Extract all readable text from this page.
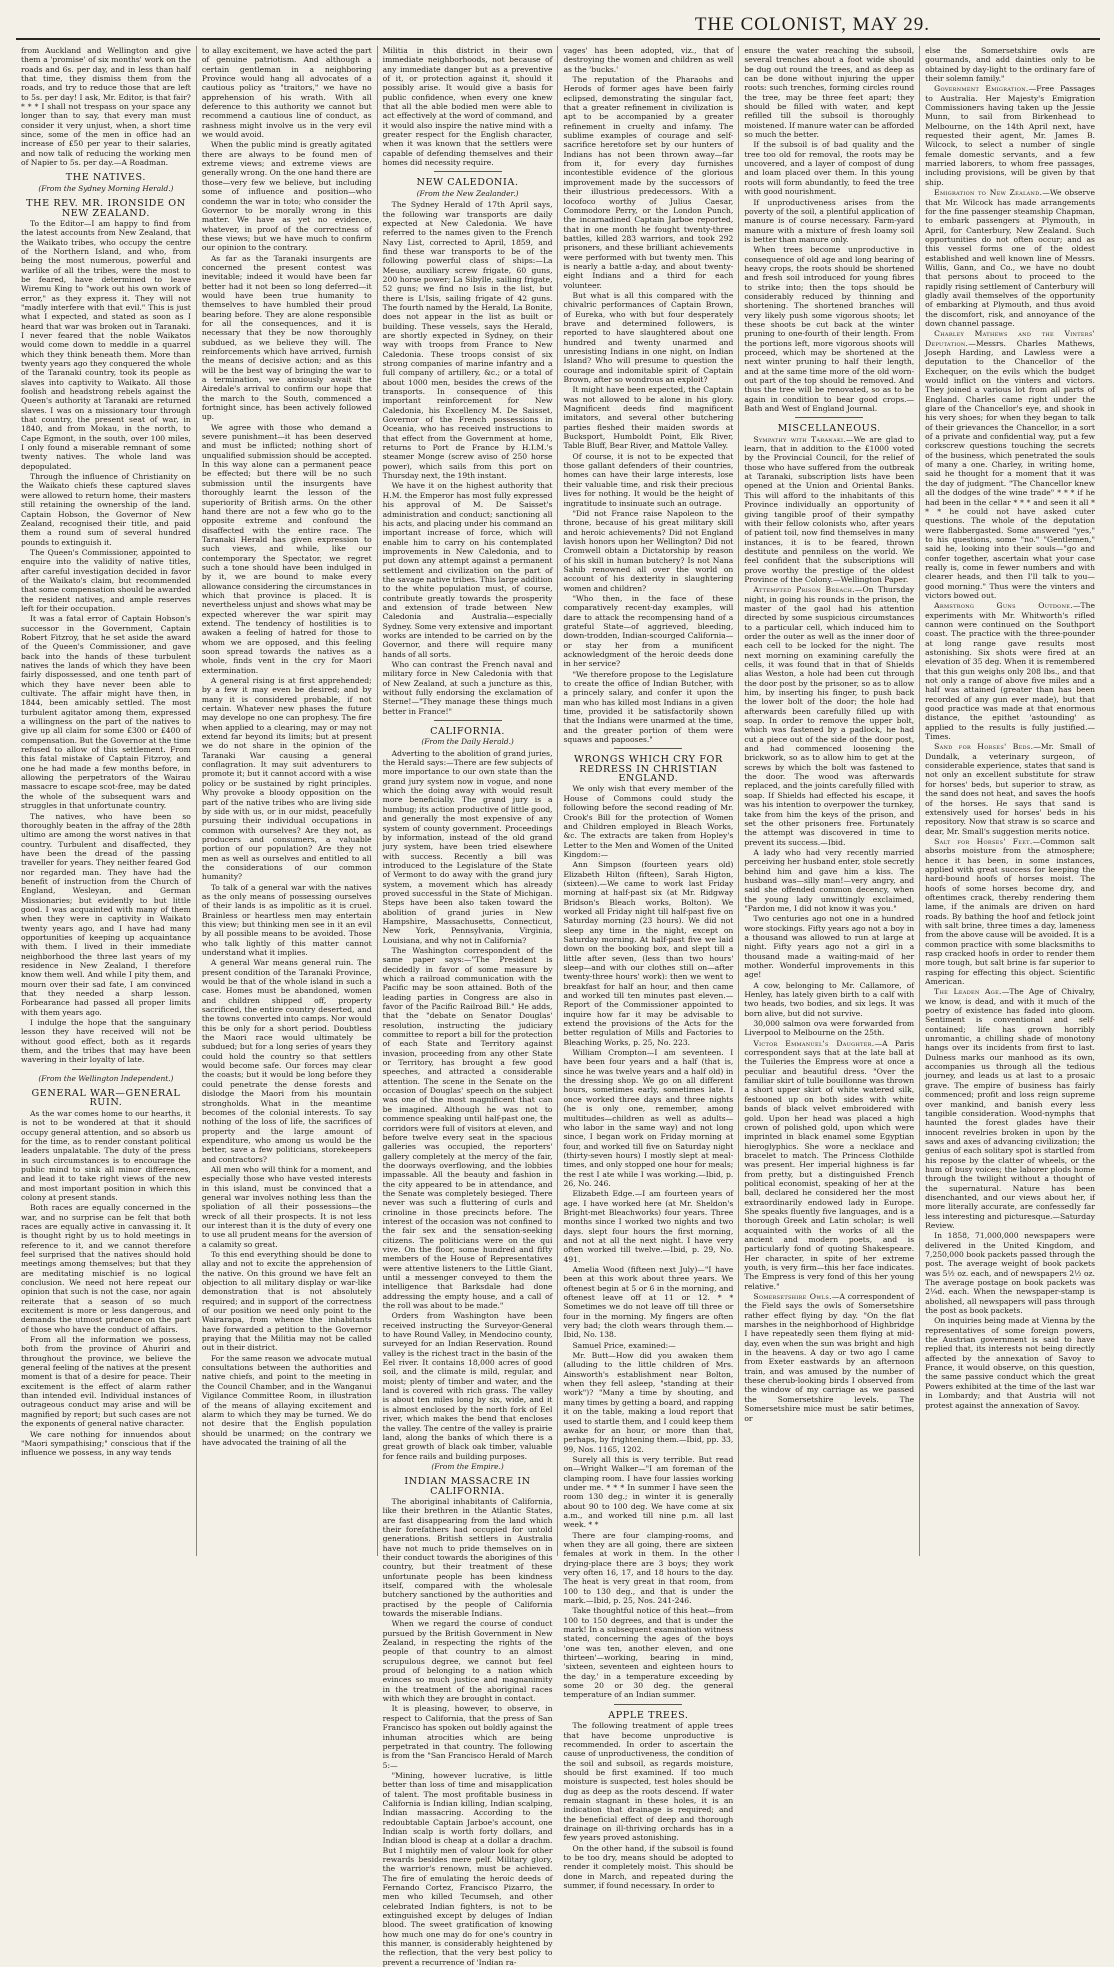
THE COLONIST, MAY 29.

from Auckland and Wellington and give them a 'promise' of six months' work on the roads and 6s. per day, and in less than half that time, they dismiss them from the roads, and try to reduce those that are left to 5s. per day! I ask, Mr. Editor, is that fair? * * * I shall not trespass on your space any longer than to say, that every man must consider it very unjust, when, a short time since, some of the men in office had an increase of £50 per year to their salaries, and now talk of reducing the working men of Napier to 5s. per day.—A Roadman.

THE NATIVES.
(From the Sydney Morning Herald.)
THE REV. MR. IRONSIDE ON NEW ZEALAND.

To the Editor—I am happy to find from the latest accounts from New Zealand, that the Waikato tribes, who occupy the centre of the Northern Island, and who, from being the most numerous, powerful and warlike of all the tribes, were the most to be feared, have determined to leave Wiremu King to "work out his own work of error," as they express it. They will not "madly interfere with that evil." This is just what I expected, and stated as soon as I heard that war was broken out in Taranaki. I never feared that the noble Waikatos would come down to meddle in a quarrel which they think beneath them. More than twenty years ago they conquered the whole of the Taranaki country, took its people as slaves into captivity to Waikato. All those foolish and headstrong rebels against the Queen's authority at Taranaki are returned slaves. I was on a missionary tour through that country, the present seat of war, in 1840, and from Mokau, in the north, to Cape Egmont, in the south, over 100 miles, I only found a miserable remnant of some twenty natives. The whole land was depopulated.

Through the influence of Christianity on the Waikato chiefs these captured slaves were allowed to return home, their masters still retaining the ownership of the land. Captain Hobson, the Governor of New Zealand, recognised their title, and paid them a round sum of several hundred pounds to extinguish it.

The Queen's Commissioner, appointed to enquire into the validity of native titles, after careful investigation decided in favor of the Waikato's claim, but recommended that some compensation should be awarded the resident natives, and ample reserves left for their occupation.

It was a fatal error of Captain Hobson's successor in the Government, Captain Robert Fitzroy, that he set aside the award of the Queen's Commissioner, and gave back into the hands of these turbulent natives the lands of which they have been fairly dispossessed, and one tenth part of which they have never been able to cultivate. The affair might have then, in 1844, been amicably settled. The most turbulent agitator among them, expressed a willingness on the part of the natives to give up all claim for some £300 or £400 of compensation. But the Governor at the time refused to allow of this settlement. From this fatal mistake of Captain Fitzroy, and one he had made a few months before, in allowing the perpetrators of the Wairau massacre to escape scot-free, may be dated the whole of the subsequent wars and struggles in that unfortunate country.

The natives, who have been so thoroughly beaten in the affray of the 28th ultimo are among the worst natives in that country. Turbulent and disaffected, they have been the dread of the passing traveller for years. They neither feared God nor regarded man. They have had the benefit of instruction from the Church of England, Wesleyan, and German Missionaries; but evidently to but little good. I was acquainted with many of them when they were in captivity in Waikato twenty years ago, and I have had many opportunities of keeping up acquaintance with them. I lived in their immediate neighborhood the three last years of my residence in New Zealand, I therefore know them well. And while I pity them, and mourn over their sad fate, I am convinced that they needed a sharp lesson. Forbearance had passed all proper limits with them years ago.

I indulge the hope that the sanguinary lesson they have received will not be without good effect, both as it regards them, and the tribes that may have been wavering in their loyalty of late.

(From the Wellington Independent.)
GENERAL WAR—GENERAL RUIN.

As the war comes home to our hearths, it is not to be wondered at that it should occupy general attention, and so absorb us for the time, as to render constant political leaders unpalatable. The duty of the press in such circumstances is to encourage the public mind to sink all minor differences, and lead it to take right views of the new and most important position in which this colony at present stands.

Both races are equally concerned in the war, and no surprise can be felt that both races are equally active in canvassing it. It is thought right by us to hold meetings in reference to it, and we cannot therefore feel surprised that the natives should hold meetings among themselves; but that they are meditating mischief is no logical conclusion. We need not here repeat our opinion that such is not the case, nor again reiterate that a season of so much excitement is more or less dangerous, and demands the utmost prudence on the part of those who have the conduct of affairs.

From all the information we possess, both from the province of Ahuriri and throughout the province, we believe the general feeling of the natives at the present moment is that of a desire for peace. Their excitement is the effect of alarm rather than intended evil. Individual instances of outrageous conduct may arise and will be magnified by report; but such cases are not the exponents of general native character.

We care nothing for innuendos about "Maori sympathising;" conscious that if the influence we possess, in any way tends

to allay excitement, we have acted the part of genuine patriotism. And although a certain gentleman in a neighboring Province would hang all advocates of a cautious policy as "traitors," we have no apprehension of his wrath. With all deference to this authority we cannot but recommend a cautious line of conduct, as rashness might involve us in the very evil we would avoid.

When the public mind is greatly agitated there are always to be found men of extreme views; and extreme views are generally wrong. On the one hand there are those—very few we believe, but including some of influence and position—who condemn the war in toto; who consider the Governor to be morally wrong in this matter. We have as yet no evidence, whatever, in proof of the correctness of these views; but we have much to confirm our opinion to the contrary.

As far as the Taranaki insurgents are concerned the present contest was inevitable; indeed it would have been far better had it not been so long deferred—it would have been true humanity to themselves to have humbled their proud bearing before. They are alone responsible for all the consequences, and it is necessary that they be now thoroughly subdued, as we believe they will. The reinforcements which have arrived, furnish the means of decisive action; and as this will be the best way of bringing the war to a termination, we anxiously await the Airedale's arrival to confirm our hope that the march to the South, commenced a fortnight since, has been actively followed up.

We agree with those who demand a severe punishment—it has been deserved and must be inflicted; nothing short of unqualified submission should be accepted. In this way alone can a permanent peace be effected; but there will be no such submission until the insurgents have thoroughly learnt the lesson of the superiority of British arms. On the other hand there are not a few who go to the opposite extreme and confound the disaffected with the entire race. The Taranaki Herald has given expression to such views, and while, like our contemporary the Spectator, we regret such a tone should have been indulged in by it, we are bound to make every allowance considering the circumstances in which that province is placed. It is nevertheless unjust and shows what may be expected wherever the war spirit may extend. The tendency of hostilities is to awaken a feeling of hatred for those to whom we are opposed, and this feeling soon spread towards the natives as a whole, finds vent in the cry for Maori extermination.

A general rising is at first apprehended; by a few it may even be desired; and by many it is considered probable, if not certain. Whatever new phases the future may develope no one can prophesy. The fire when applied to a clearing, may or may not extend far beyond its limits; but at present we do not share in the opinion of the Taranaki War causing a general conflagration. It may suit adventurers to promote it; but it cannot accord with a wise policy or be sustained by right principles. Why provoke a bloody opposition on the part of the native tribes who are living side by side with us, or in our midst, peacefully pursuing their individual occupations in common with ourselves? Are they not, as producers and consumers, a valuable portion of our population? Are they not men as well as ourselves and entitled to all the considerations of our common humanity?

To talk of a general war with the natives as the only means of possessing ourselves of their lands is as impolitic as it is cruel. Brainless or heartless men may entertain this view; but thinking men see in it an evil by all possible means to be avoided. Those who talk lightly of this matter cannot understand what it implies.

A general War means general ruin. The present condition of the Taranaki Province, would be that of the whole island in such a case. Homes must be abandoned, women and children shipped off, property sacrificed, the entire country deserted, and the towns converted into camps. Nor would this be only for a short period. Doubtless the Maori race would ultimately be subdued; but for a long series of years they could hold the country so that settlers would become safe. Our forces may clear the coasts; but it would be long before they could penetrate the dense forests and dislodge the Maori from his mountain strongholds. What in the meantime becomes of the colonial interests. To say nothing of the loss of life, the sacrifices of property and the large amount of expenditure, who among us would be the better, save a few politicians, storekeepers and contractors?

All men who will think for a moment, and especially those who have vested interests in this island, must be convinced that a general war involves nothing less than the spoliation of all their possessions—the wreck of all their prospects. It is not less our interest than it is the duty of every one to use all prudent means for the aversion of a calamity so great.

To this end everything should be done to allay and not to excite the apprehension of the native. On this ground we have felt an objection to all military display or war-like demonstration that is not absolutely required; and in support of the correctness of our position we need only point to the Wairarapa, from whence the inhabitants have forwarded a petition to the Governor praying that the Militia may not be called out in their district.

For the same reason we advocate mutual consultations between the authorities and native chiefs, and point to the meeting in the Council Chamber, and in the Wanganui Vigilance Committee Room, in illustration of the means of allaying excitement and alarm to which they may be turned. We do not desire that the English population should be unarmed; on the contrary we have advocated the training of all the

Militia in this district in their own immediate neighborhoods, not because of any immediate danger but as a preventive of it, or protection against it, should it possibly arise. It would give a basis for public confidence, when every one knew that all the able bodied men were able to act effectively at the word of command, and it would also inspire the native mind with a greater respect for the English character, when it was known that the settlers were capable of defending themselves and their homes did necessity require.

NEW CALEDONIA.
(From the New Zealander.)

The Sydney Herald of 17th April says, the following war transports are daily expected at New Caledonia. We have referred to the names given to the French Navy List, corrected to April, 1859, and find these war transports to be of the following powerful class of ships:—La Meuse, auxiliary screw frigate, 60 guns, 200 horse power; La Sibylle, sailing frigate, 52 guns; we find no Isis in the list, but there is L'Isis, sailing frigate of 42 guns. The fourth named by the Herald, La Bonite, does not appear in the list as built or building. These vessels, says the Herald, are shortly expected in Sydney, on their way with troops from France to New Caledonia. These troops consist of six strong companies of marine infantry and a full company of artillery, &c.; or a total of about 1000 men, besides the crews of the transports. In consequence of this important reinforcement for New Caledonia, his Excellency M. De Saisset, Governor of the French possessions in Oceania, who has received instructions to that effect from the Government at home, returns to Port de France by H.I.M.'s steamer Monge (screw aviso of 250 horse power), which sails from this port on Thursday next, the 19th instant.

We have it on the highest authority that H.M. the Emperor has most fully expressed his approval of M. De Saisset's administration and conduct; sanctioning all his acts, and placing under his command an important increase of force, which will enable him to carry on his contemplated improvements in New Caledonia, and to put down any attempt against a permanent settlement and civilization on the part of the savage native tribes. This large addition to the white population must, of course, contribute greatly towards the prosperity and extension of trade between New Caledonia and Australia—especially Sydney. Some very extensive and important works are intended to be carried on by the Governor, and there will require many hands of all sorts.

Who can contrast the French naval and military force in New Caledonia with that of New Zealand, at such a juncture as this, without fully endorsing the exclamation of Sterne!—"They manage these things much better in France!"

CALIFORNIA.
(From the Daily Herald.)

Adverting to the abolition of grand juries, the Herald says:—There are few subjects of more importance to our own state than the grand jury system now in vogue, and none which the doing away with would result more beneficially. The grand jury is a humbug; its action productive of little good, and generally the most expensive of any system of county government. Proceedings by information, instead of the old grand jury system, have been tried elsewhere with success. Recently a bill was introduced to the Legislature of the State of Vermont to do away with the grand jury system, a movement which has already proved successful in the State of Michigan. Steps have been also taken toward the abolition of grand juries in New Hampshire, Massachusetts, Connecticut, New York, Pennsylvania, Virginia, Louisiana, and why not in California?

The Washington correspondent of the same paper says:—"The President is decidedly in favor of some measure by which a railroad communication with the Pacific may be soon attained. Both of the leading parties in Congress are also in favor of the Pacific Railroad Bill." He adds, that the "debate on Senator Douglas' resolution, instructing the judiciary committee to report a bill for the protection of each State and Territory against invasion, proceeding from any other State or Territory, has brought a few good speeches, and attracted a considerable attention. The scene in the Senate on the occasion of Douglas' speech on the subject was one of the most magnificent that can be imagined. Although he was not to commence speaking until half-past one, the corridors were full of visitors at eleven, and before twelve every seat in the spacious galleries was occupied, the reporters' gallery completely at the mercy of the fair, the doorways overflowing, and the lobbies impassable. All the beauty and fashion in the city appeared to be in attendance, and the Senate was completely besieged. There never was such a fluttering of curls and crinoline in those precincts before. The interest of the occasion was not confined to the fair sex and the sensation-seeking citizens. The politicians were on the qui vive. On the floor, some hundred and fifty members of the House of Representatives were attentive listeners to the Little Giant, until a messenger conveyed to them the intelligence that Barksdale had done addressing the empty house, and a call of the roll was about to be made."

Orders from Washington have been received instructing the Surveyor-General to have Round Valley, in Mendocino county, surveyed for an Indian Reservation. Round valley is the richest tract in the basin of the Eel river. It contains 18,000 acres of good soil, and the climate is mild, regular, and moist; plenty of timber and water, and the land is covered with rich grass. The valley is about ten miles long by six, wide, and it is almost enclosed by the north fork of Eel river, which makes the bend that encloses the valley. The centre of the valley is prairie land, along the banks of which there is a great growth of black oak timber, valuable for fence rails and building purposes.

(From the Empire.)
INDIAN MASSACRE IN CALIFORNIA.

The aboriginal inhabitants of California, like their brethren in the Atlantic States, are fast disappearing from the land which their forefathers had occupied for untold generations. British settlers in Australia have not much to pride themselves on in their conduct towards the aborigines of this country, but their treatment of these unfortunate people has been kindness itself, compared with the wholesale butchery sanctioned by the authorities and practised by the people of California towards the miserable Indians.

When we regard the course of conduct pursued by the British Government in New Zealand, in respecting the rights of the people of that country to an almost scrupulous degree, we cannot but feel proud of belonging to a nation which evinces so much justice and magnanimity in the treatment of the aboriginal races with which they are brought in contact.

It is pleasing, however, to observe, in respect to California, that the press of San Francisco has spoken out boldly against the inhuman atrocities which are being perpetrated in that country. The following is from the "San Francisco Herald of March 5:—

"Mining, however lucrative, is little better than loss of time and misapplication of talent. The most profitable business in California is Indian killing, Indian scalping, Indian massacring. According to the redoubtable Captain Jarboe's account, one Indian scalp is worth forty dollars, and Indian blood is cheap at a dollar a drachm. But I mightily men of valour look for other rewards besides mere pelf. Military glory, the warrior's renown, must be achieved. The fire of emulating the heroic deeds of Fernando Cortez, Francisco Pizarro, the men who killed Tecumseh, and other celebrated Indian fighters, is not to be extinguished except by deluges of Indian blood. The sweet gratification of knowing how much one may do for one's country in this manner, is considerably heightened by the reflection, that the very best policy to prevent a recurrence of 'Indian ra-

vages' has been adopted, viz., that of destroying the women and children as well as the 'bucks.'

The reputation of the Pharaohs and Herods of former ages have been fairly eclipsed, demonstrating the singular fact, that a greater refinement in civilization is apt to be accompanied by a greater refinement in cruelty and infamy. The sublime examples of courage and self-sacrifice heretofore set by our hunters of Indians has not been thrown away—far from it, for every day furnishes incontestible evidence of the glorious improvement made by the successors of their illustrious predecessors. With a locofoco worthy of Julius Caesar, Commodore Perry, or the London Punch, the incarnadined Captain Jarboe reported, that in one month he fought twenty-three battles, killed 283 warriors, and took 292 prisoners, and these brilliant achievements were performed with but twenty men. This is nearly a battle a-day, and about twenty-eight Indians and a third for each volunteer.

But what is all this compared with the chivalric performances of Captain Brown, of Eureka, who with but four desperately brave and determined followers, is reported to have slaughtered about one hundred and twenty unarmed and unresisting Indians in one night, on Indian Island? Who will presume to question the courage and indomitable spirit of Captain Brown, after so wondrous an exploit?

It might have been expected, the Captain was not allowed to be alone in his glory. Magnificent deeds find magnificent imitators, and several other butchering parties fleshed their maiden swords at Bucksport, Humboldt Point, Elk River, Table Bluff, Bear River, and Mattole Valley.

Of course, it is not to be expected that those gallant defenders of their countries, homes can have their large interests, lose their valuable time, and risk their precious lives for nothing. It would be the height of ingratitude to insinuate such an outrage.

"Did not France raise Napoleon to the throne, because of his great military skill and heroic achievements? Did not England lavish honors upon her Wellington? Did not Cromwell obtain a Dictatorship by reason of his skill in human butchery? Is not Nana Sahib renowned all over the world on account of his dexterity in slaughtering women and children?

"Who then, in the face of these comparatively recent-day examples, will dare to attack the recompensing hand of a grateful State—of aggrieved, bleeding, down-trodden, Indian-scourged California—or stay her from a munificent acknowledgment of the heroic deeds done in her service?

"We therefore propose to the Legislature to create the office of Indian Butcher, with a princely salary, and confer it upon the man who has killed most Indians in a given time, provided it be satisfactorily shown that the Indians were unarmed at the time, and the greater portion of them were squaws and papooses."

WRONGS WHICH CRY FOR REDRESS IN CHRISTIAN ENGLAND.

We only wish that every member of the House of Commons could study the following before the second reading of Mr. Crook's Bill for the protection of Women and Children employed in Bleach Works, &c. The extracts are taken from Hopley's Letter to the Men and Women of the United Kingdom:—

Ann Simpson (fourteen years old) Elizabeth Hilton (fifteen), Sarah Higton, (sixteen).—We came to work last Friday morning at half-past six (at Mr. Ridgway Bridson's Bleach works, Bolton). We worked all Friday night till half-past five on Saturday morning (23 hours). We did not sleep any time in the night, except on Saturday morning. At half-past five we laid down on the booking box, and slept till a little after seven, (less than two hours' sleep—and with our clothes still on—after twenty-three hours' work): then we went to breakfast for half an hour, and then came and worked till ten minutes past eleven.—Report of the Commissioner appointed to inquire how far it may be advisable to extend the provisions of the Acts for the better regulation of Mills and Factories to Bleaching Works, p. 25, No. 223.

William Crompton—I am seventeen. I have been four years and a half (that is, since he was twelve years and a half old) in the dressing shop. We go on all different hours, sometimes early, sometimes late. I once worked three days and three nights (he is only one, remember, among multitudes—children as well as adults—who labor in the same way) and not long since, I began work on Friday morning at four, and worked till five on Saturday night (thirty-seven hours) I mostly slept at meal-times, and only stopped one hour for meals; the rest I ate while I was working.—Ibid, p. 26, No. 246.

Elizabeth Edge.—I am fourteen years of age. I have worked here (at Mr. Sheldon's Bright-met Bleachworks) four years. Three months since I worked two nights and two days. slept four hours the first morning, and not at all the next night. I have very often worked till twelve.—Ibid, p. 29, No. 491.

Amelia Wood (fifteen next July)—"I have been at this work about three years. We oftenest begin at 5 or 6 in the morning, and oftenest leave off at 11 or 12. * * Sometimes we do not leave off till three or four in the morning. My fingers are often very bad; the cloth wears through them.—Ibid, No. 138.

Samuel Price, examined:—

Mr. Butt—How did you awaken them (alluding to the little children of Mrs. Ainsworth's establishment near Bolton, when they fell asleep, "standing at their work")? "Many a time by shouting, and many times by getting a board, and rapping it on the table, making a loud report that used to startle them, and I could keep them awake for an hour, or more than that, perhaps, by frightening them.—Ibid, pp. 33, 99, Nos. 1165, 1202.

Surely all this is very terrible. But read on—Wright Walker—"I am foreman of the clamping room. I have four lassies working under me. * * * In summer I have seen the room 130 deg.; in winter it is generally about 90 to 100 deg. We have come at six a.m., and worked till nine p.m. all last week. * *

There are four clamping-rooms, and when they are all going, there are sixteen females at work in them. In the other drying-place there are 3 boys; they work very often 16, 17, and 18 hours to the day. The heat is very great in that room, from 100 to 130 deg., and that is under the mark.—Ibid, p. 25, Nos. 241-246.

Take thoughtful notice of this heat—from 100 to 150 degrees, and that is under the mark! In a subsequent examination witness stated, concerning the ages of the boys 'one was ten, another eleven, and one thirteen'—working, bearing in mind, 'sixteen, seventeen and eighteen hours to the day,' in a temperature exceeding by some 20 or 30 deg. the general temperature of an Indian summer.

APPLE TREES.

The following treatment of apple trees that have become unproductive is recommended. In order to ascertain the cause of unproductiveness, the condition of the soil and subsoil, as regards moisture, should be first examined. If too much moisture is suspected, test holes should be dug as deep as the roots descend. If water remain stagnant in these holes, it is an indication that drainage is required; and the beneficial effect of deep and thorough drainage on ill-thriving orchards has in a few years proved astonishing.

On the other hand, if the subsoil is found to be too dry, means should be adopted to render it completely moist. This should be done in March, and repeated during the summer, if found necessary. In order to

ensure the water reaching the subsoil, several trenches about a foot wide should be dug out round the trees, and as deep as can be done without injuring the upper roots: such trenches, forming circles round the tree, may be three feet apart; they should be filled with water, and kept refilled till the subsoil is thoroughly moistened. If manure water can be afforded so much the better.

If the subsoil is of bad quality and the tree too old for removal, the roots may be uncovered, and a layer of compost of dung and loam placed over them. In this young roots will form abundantly, to feed the tree with good nourishment.

If unproductiveness arises from the poverty of the soil, a plentiful application of manure is of course necessary. Farm-yard manure with a mixture of fresh loamy soil is better than manure only.

When trees become unproductive in consequence of old age and long bearing of heavy crops, the roots should be shortened and fresh soil introduced for young fibres to strike into; then the tops should be considerably reduced by thinning and shortening. The shortened branches will very likely push some vigorous shoots; let these shoots be cut back at the winter pruning to one-fourth of their length. From the portions left, more vigorous shoots will proceed, which may be shortened at the next winter pruning to half their length, and at the same time more of the old worn-out part of the top should be removed. And thus the tree will be renovated, so as to be again in condition to bear good crops.—Bath and West of England Journal.

MISCELLANEOUS.

Sympathy with Taranaki.—We are glad to learn, that in addition to the £1000 voted by the Provincial Council, for the relief of those who have suffered from the outbreak at Taranaki, subscription lists have been opened at the Union and Oriental Banks. This will afford to the inhabitants of this Province individually an opportunity of giving tangible proof of their sympathy with their fellow colonists who, after years of patient toil, now find themselves in many instances, it is to be feared, thrown destitute and penniless on the world. We feel confident that the subscriptions will prove worthy the prestige of the oldest Province of the Colony.—Wellington Paper.

Attempted Prison Breach.—On Thursday night, in going his rounds in the prison, the master of the gaol had his attention directed by some suspicious circumstances to a particular cell, which induced him to order the outer as well as the inner door of each cell to be locked for the night. The next morning on examining carefully the cells, it was found that in that of Shields alias Weston, a hole had been cut through the door post by the prisoner, so as to allow him, by inserting his finger, to push back the lower bolt of the door; the hole had afterwards been carefully filled up with soap. In order to remove the upper bolt, which was fastened by a padlock, he had cut a piece out of the side of the door post, and had commenced loosening the brickwork, so as to allow him to get at the screws by which the bolt was fastened to the door. The wood was afterwards replaced, and the joints carefully filled with soap. If Shields had effected his escape, it was his intention to overpower the turnkey, take from him the keys of the prison, and set the other prisoners free. Fortunately the attempt was discovered in time to prevent its success.—Ibid.

A lady who had very recently married perceiving her husband enter, stole secretly behind him and gave him a kiss. The husband was—silly man!—very angry, and said she offended common decency, when the young lady unwittingly exclaimed, "Pardon me, I did not know it was you."

Two centuries ago not one in a hundred wore stockings. Fifty years ago not a boy in a thousand was allowed to run at large at night. Fifty years ago not a girl in a thousand made a waiting-maid of her mother. Wonderful improvements in this age!

A cow, belonging to Mr. Callamore, of Henley, has lately given birth to a calf with two heads, two bodies, and six legs. It was born alive, but did not survive.

30,000 salmon ova were forwarded from Liverpool to Melbourne on the 25th.

Victor Emmanuel's Daughter.—A Paris correspondent says that at the late ball at the Tuileries the Empress wore at once a peculiar and beautiful dress. "Over the familiar skirt of tulle bouillonne was thrown a short upper skirt of white watered silk, festooned up on both sides with white bands of black velvet embroidered with gold. Upon her head was placed a high crown of polished gold, upon which were imprinted in black enamel some Egyptian hieroglyphics. She wore a necklace and bracelet to match. The Princess Clothilde was present. Her imperial highness is far from pretty, but a distinguished French political economist, speaking of her at the ball, declared he considered her the most extraordinarily endowed lady in Europe. She speaks fluently five languages, and is a thorough Greek and Latin scholar; is well acquainted with the works of all the ancient and modern poets, and is particularly fond of quoting Shakespeare. Her character, in spite of her extreme youth, is very firm—this her face indicates. The Empress is very fond of this her young relative."

Somersetshire Owls.—A correspondent of the Field says the owls of Somersetshire rather effect flying by day. "On the flat marshes in the neighborhood of Highbridge I have repeatedly seen them flying at mid-day, even when the sun was bright and high in the heavens. A day or two ago I came from Exeter eastwards by an afternoon train, and was amused by the number of these cherub-looking birds I observed from the window of my carriage as we passed the Somersetshire levels. The Somersetshire mice must be satir betimes, or

else the Somersetshire owls are gourmands, and add dainties only to be obtained by day-light to the ordinary fare of their solemn family."

Government Emigration.—Free Passages to Australia. Her Majesty's Emigration Commissioners having taken up the Jessie Munn, to sail from Birkenhead to Melbourne, on the 14th April next, have requested their agent, Mr. James B. Wilcock, to select a number of single female domestic servants, and a few married laborers, to whom free passages, including provisions, will be given by that ship.

Emigration to New Zealand.—We observe that Mr. Wilcock has made arrangements for the fine passenger steamship Chapman, to embark passengers at Plymouth, in April, for Canterbury, New Zealand. Such opportunities do not often occur; and as this vessel forms one of the oldest established and well known line of Messrs. Willis, Gann, and Co., we have no doubt that persons about to proceed to the rapidly rising settlement of Canterbury will gladly avail themselves of the opportunity of embarking at Plymouth, and thus avoid the discomfort, risk, and annoyance of the down channel passage.

Charley Mathews and the Vinters' Deputation.—Messrs. Charles Mathews, Joseph Harding, and Lawless were a deputation to the Chancellor of the Exchequer, on the evils which the budget would inflict on the vinters and victors. They joined a various lot from all parts of England. Charles came right under the glare of the Chancellor's eye, and shook in his very shoes; for when they began to talk of their grievances the Chancellor, in a sort of a private and confidential way, put a few corkscrew questions touching the secrets of the business, which penetrated the souls of many a one. Charley, in writing home, said he thought for a moment that it was the day of judgment. "The Chancellor knew all the dodges of the wine trade" * * * if he had been in the cellar * * * and seen it all * * * he could not have asked cuter questions. The whole of the deputation were flabbergasted. Some answered "yes," to his questions, some "no." "Gentlemen," said he, looking into their souls—"go and confer together, ascertain what your case really is, come in fewer numbers and with clearer heads, and then I'll talk to you—good morning." Thus were the vinters and victors bowed out.

Armstrong Guns Outdone.—The experiments with Mr. Whitworth's rifled cannon were continued on the Southport coast. The practice with the three-pounder at long range gave results most astonishing. Six shots were fired at an elevation of 35 deg. When it is remembered that this gun weighs only 208 lbs., and that not only a range of above five miles and a half was attained (greater than has been recorded of any gun ever made), but that good practice was made at that enormous distance, the epithet 'astounding' as applied to the results is fully justified.—Times.

Sand for Horses' Beds.—Mr. Small of Dundalk, a veterinary surgeon, of considerable experience, states that sand is not only an excellent substitute for straw for horses' beds, but superior to straw, as the sand does not heat, and saves the hoofs of the horses. He says that sand is extensively used for horses' beds in his repository. Now that straw is so scarce and dear, Mr. Small's suggestion merits notice.

Salt for Horses' Feet.—Common salt absorbs moisture from the atmosphere; hence it has been, in some instances, applied with great success for keeping the hard-bound hoofs of horses moist. The hoofs of some horses become dry, and oftentimes crack, thereby rendering them lame, if the animals are driven on hard roads. By bathing the hoof and fetlock joint with salt brine, three times a day, lameness from the above cause will be avoided. It is a common practice with some blacksmiths to rasp cracked hoofs in order to render them more tough, but salt brine is far superior to rasping for effecting this object. Scientific American.

The Leaden Age.—The Age of Chivalry, we know, is dead, and with it much of the poetry of existence has faded into gloom. Sentiment is conventional and self-contained; life has grown horribly unromantic, a chilling shade of monotony hangs over its incidents from first to last. Dulness marks our manhood as its own, accompanies us through all the tedious journey, and leads us at last to a prosaic grave. The empire of business has fairly commenced; profit and loss reign supreme over mankind, and banish every less tangible consideration. Wood-nymphs that haunted the forest glades have their innocent revelries broken in upon by the saws and axes of advancing civilization; the genius of each solitary spot is startled from his repose by the clatter of wheels, or the hum of busy voices; the laborer plods home through the twilight without a thought of the supernatural. Nature has been disenchanted, and our views about her, if more literally accurate, are confessedly far less interesting and picturesque.—Saturday Review.

In 1858, 71,000,000 newspapers were delivered in the United Kingdom, and 7,250,000 book packets passed through the post. The average weight of book packets was 5½ oz. each, and of newspapers 2½ oz. The average postage on book packets was 2¼d. each. When the newspaper-stamp is abolished, all newspapers will pass through the post as book packets.

On inquiries being made at Vienna by the representatives of some foreign powers, the Austrian government is said to have replied that, its interests not being directly affected by the annexation of Savoy to France, it would observe, on this question, the same passive conduct which the great Powers exhibited at the time of the last war in Lombardy; and that Austria will not protest against the annexation of Savoy.
